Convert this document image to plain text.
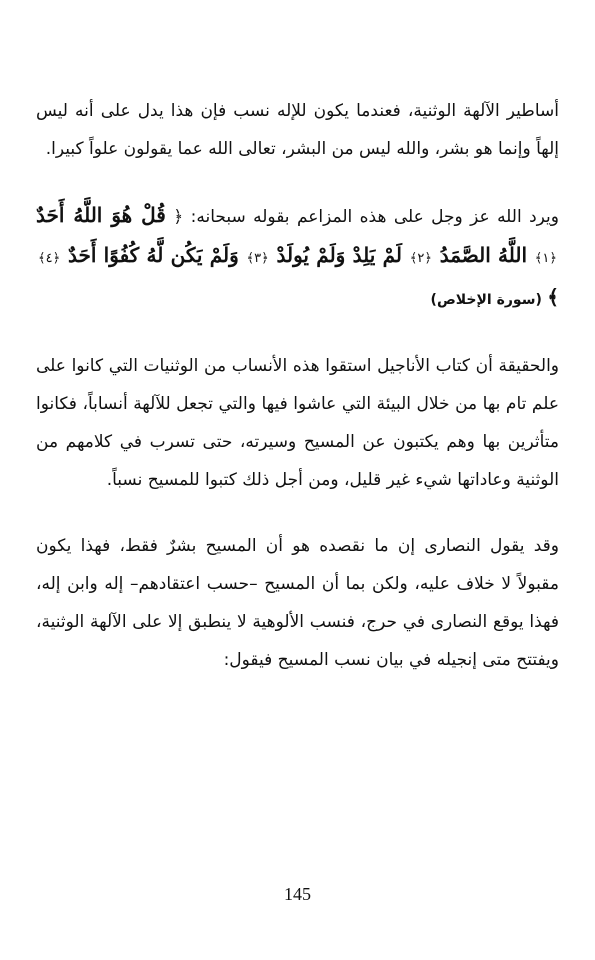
أساطير الآلهة الوثنية، فعندما يكون للإله نسب فإن هذا يدل على أنه ليس إلهاً وإنما هو بشر، والله ليس من البشر، تعالى الله عما يقولون علواً كبيرا.

ويرد الله عز وجل على هذه المزاعم بقوله سبحانه: ﴿ قُلْ هُوَ اللَّهُ أَحَدٌ ﴿١﴾ اللَّهُ الصَّمَدُ ﴿٢﴾ لَمْ يَلِدْ وَلَمْ يُولَدْ ﴿٣﴾ وَلَمْ يَكُن لَّهُ كُفُوًا أَحَدٌ ﴿٤﴾ ﴾ (سورة الإخلاص)

والحقيقة أن كتاب الأناجيل استقوا هذه الأنساب من الوثنيات التي كانوا على علم تام بها من خلال البيئة التي عاشوا فيها والتي تجعل للآلهة أنساباً، فكانوا متأثرين بها وهم يكتبون عن المسيح وسيرته، حتى تسرب في كلامهم من الوثنية وعاداتها شيء غير قليل، ومن أجل ذلك كتبوا للمسيح نسباً.

وقد يقول النصارى إن ما نقصده هو أن المسيح بشرٌ فقط، فهذا يكون مقبولاً لا خلاف عليه، ولكن بما أن المسيح –حسب اعتقادهم– إله وابن إله، فهذا يوقع النصارى في حرج، فنسب الألوهية لا ينطبق إلا على الآلهة الوثنية، ويفتتح متى إنجيله في بيان نسب المسيح فيقول:

145
